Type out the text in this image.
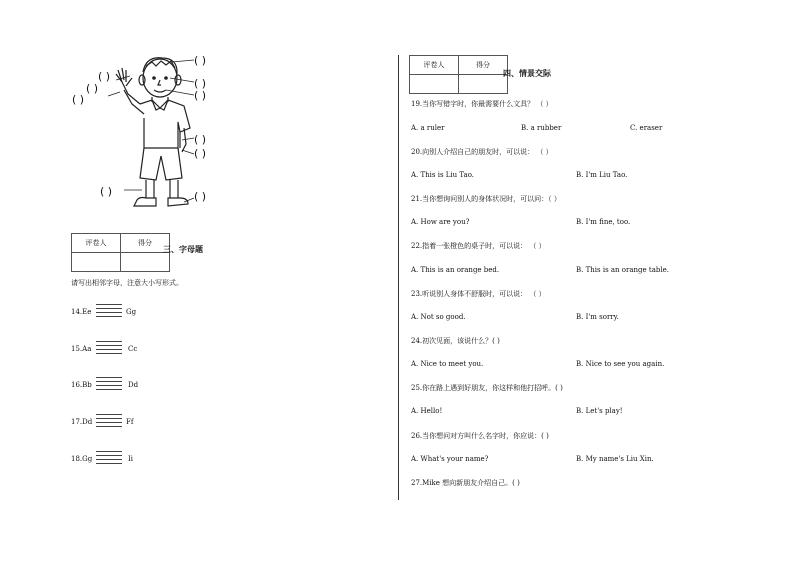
( )
( )
( )
( )
( )
( )
( )
( )
( )	( )
评卷人	得分

三、字母题
请写出相邻字母，注意大小写形式。
14.Ee	Gg
15.Aa	Cc
16.Bb	Dd
17.Dd	Ff
18.Gg	Ii
评卷人	得分

四、情景交际
19.当你写错字时，你最需要什么文具？ （ ）
A. a ruler	B. a rubber	C. eraser
20.向别人介绍自己的朋友时，可以说： （ ）
A. This is Liu Tao.	B. I'm Liu Tao.
21.当你想询问别人的身体状况时，可以问：（ ）
A. How are you?	B. I'm fine, too.
22.指着一张橙色的桌子时，可以说： （ ）
A. This is an orange bed.	B. This is an orange table.
23.听说别人身体不舒服时，可以说： （ ）
A. Not so good.	B. I'm sorry.
24.初次见面，该说什么？( )
A. Nice to meet you.	B. Nice to see you again.
25.你在路上遇到好朋友，你这样和他打招呼。( )
A. Hello!	B. Let's play!
26.当你想问对方叫什么名字时，你应说：( )
A. What's your name?	B. My name's Liu Xin.
27.Mike 想向新朋友介绍自己。( )
